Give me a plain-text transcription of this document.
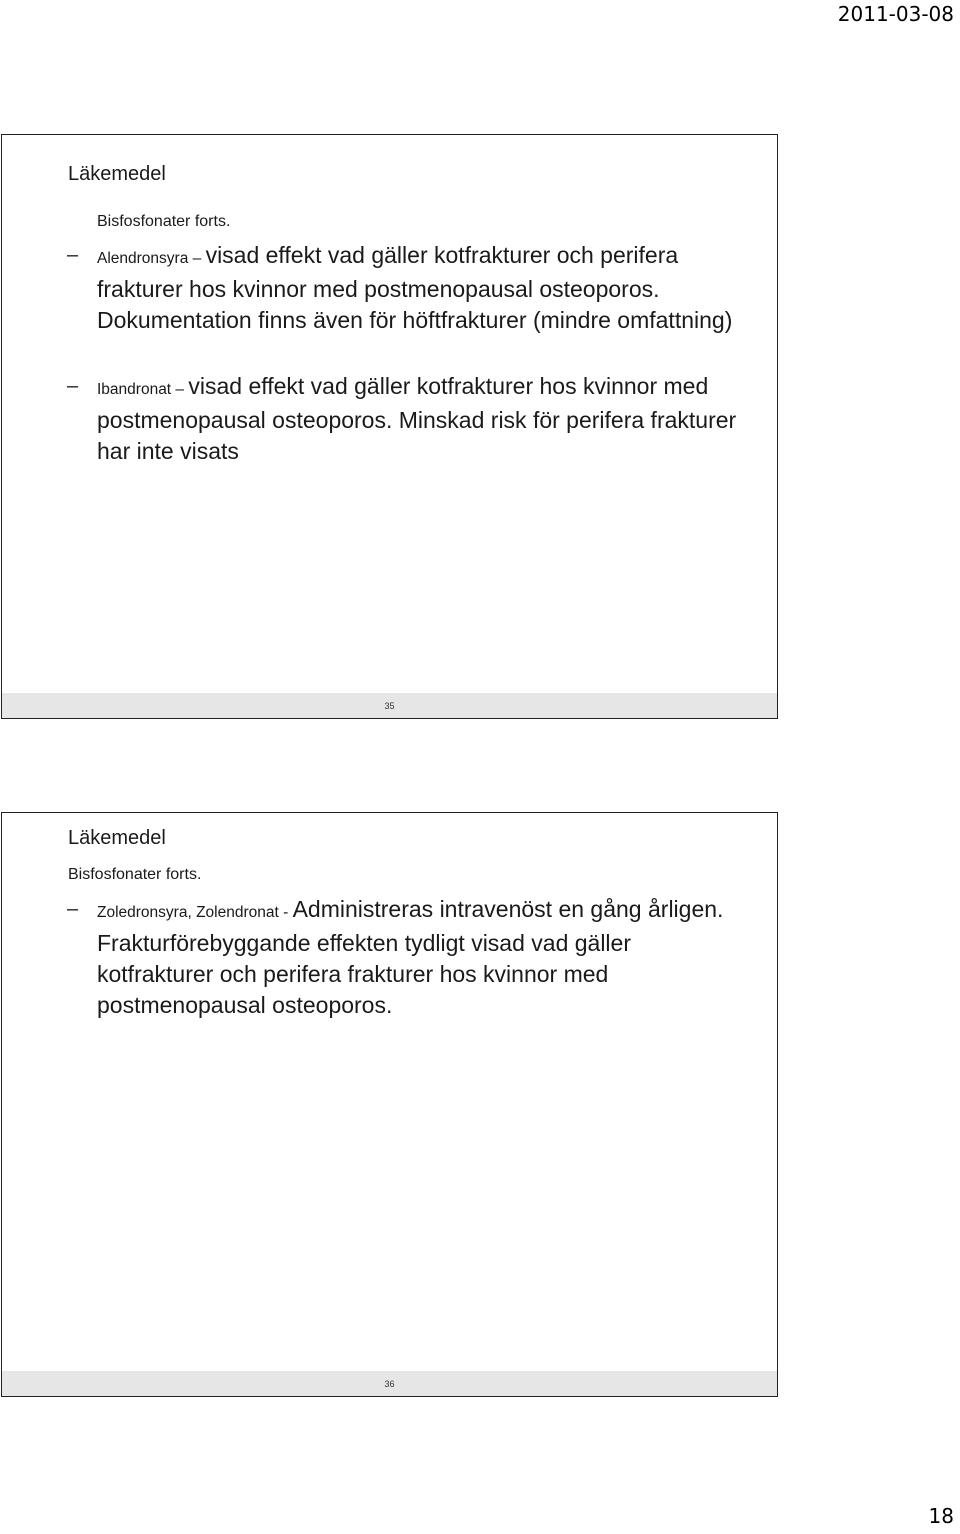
2011-03-08
Läkemedel
Bisfosfonater forts.
– Alendronsyra – visad effekt vad gäller kotfrakturer och perifera frakturer hos kvinnor med postmenopausal osteoporos. Dokumentation finns även för höftfrakturer (mindre omfattning)
– Ibandronat – visad effekt vad gäller kotfrakturer hos kvinnor med postmenopausal osteoporos. Minskad risk för perifera frakturer har inte visats
35
Läkemedel
Bisfosfonater forts.
– Zoledronsyra, Zolendronat - Administreras intravenöst en gång årligen. Frakturförebyggande effekten tydligt visad vad gäller kotfrakturer och perifera frakturer hos kvinnor med postmenopausal osteoporos.
36
18
